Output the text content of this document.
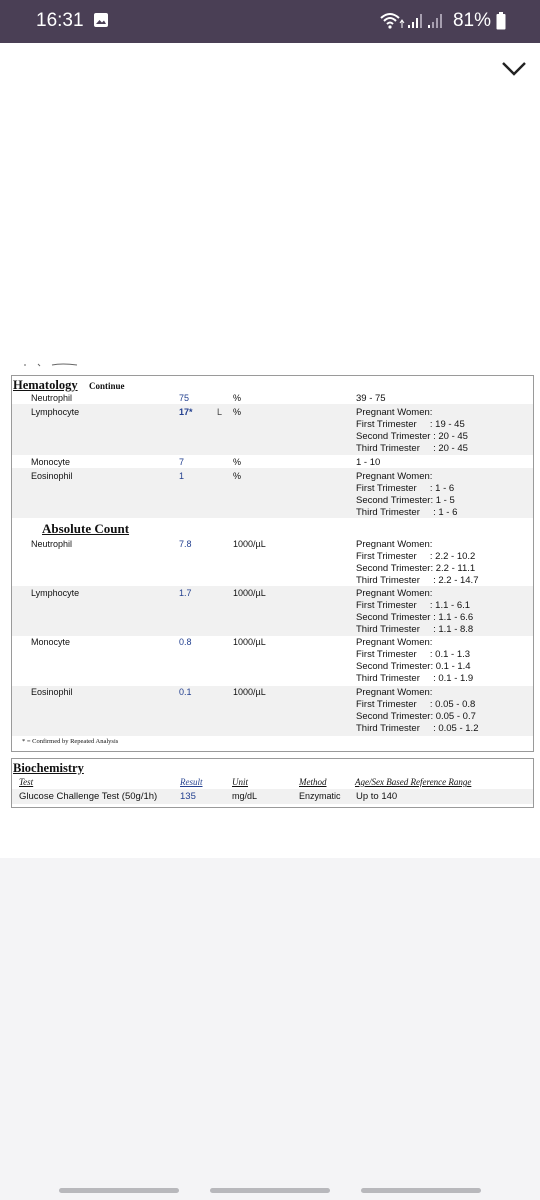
16:31	81%
Hematology Continue
Neutrophil	75	%	39 - 75
Lymphocyte	17*	L %	Pregnant Women:
First Trimester     : 19 - 45
Second Trimester : 20 - 45
Third Trimester     : 20 - 45
Monocyte	7	%	1 - 10
Eosinophil	1	%	Pregnant Women:
First Trimester     : 1 - 6
Second Trimester: 1 - 5
Third Trimester     : 1 - 6
Absolute Count
Neutrophil	7.8	1000/µL	Pregnant Women:
First Trimester     : 2.2 - 10.2
Second Trimester: 2.2 - 11.1
Third Trimester     : 2.2 - 14.7
Lymphocyte	1.7	1000/µL	Pregnant Women:
First Trimester     : 1.1 - 6.1
Second Trimester : 1.1 - 6.6
Third Trimester     : 1.1 - 8.8
Monocyte	0.8	1000/µL	Pregnant Women:
First Trimester     : 0.1 - 1.3
Second Trimester: 0.1 - 1.4
Third Trimester     : 0.1 - 1.9
Eosinophil	0.1	1000/µL	Pregnant Women:
First Trimester     : 0.05 - 0.8
Second Trimester: 0.05 - 0.7
Third Trimester     : 0.05 - 1.2
* = Confirmed by Repeated Analysis
Biochemistry
Test	Result	Unit	Method	Age/Sex Based Reference Range
Glucose Challenge Test (50g/1h) 135	mg/dL	Enzymatic Up to 140
